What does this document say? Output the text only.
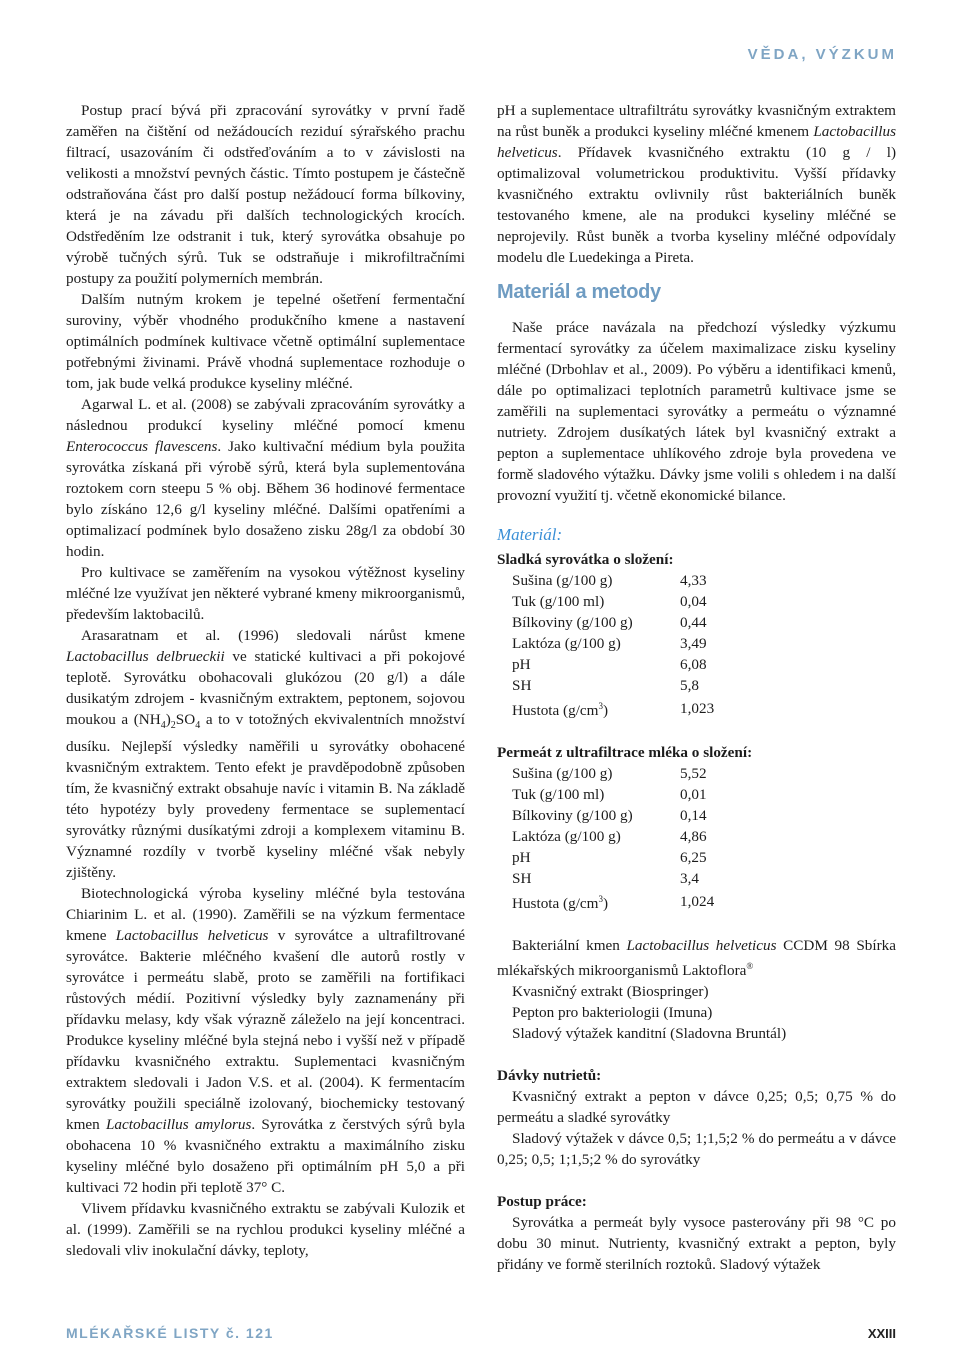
VĚDA, VÝZKUM

Postup prací bývá při zpracování syrovátky v první řadě zaměřen na čištění od nežádoucích reziduí sýrařského prachu filtrací, usazováním či odstřeďováním a to v závislosti na velikosti a množství pevných částic. Tímto postupem je částečně odstraňována část pro další postup nežádoucí forma bílkoviny, která je na závadu při dalších technologických krocích. Odstředěním lze odstranit i tuk, který syrovátka obsahuje po výrobě tučných sýrů. Tuk se odstraňuje i mikrofiltračními postupy za použití polymerních membrán.

Dalším nutným krokem je tepelné ošetření fermentační suroviny, výběr vhodného produkčního kmene a nastavení optimálních podmínek kultivace včetně optimální suplementace potřebnými živinami. Právě vhodná suplementace rozhoduje o tom, jak bude velká produkce kyseliny mléčné.

Agarwal L. et al. (2008) se zabývali zpracováním syrovátky a následnou produkcí kyseliny mléčné pomocí kmenu Enterococcus flavescens. Jako kultivační médium byla použita syrovátka získaná při výrobě sýrů, která byla suplementována roztokem corn steepu 5 % obj. Během 36 hodinové fermentace bylo získáno 12,6 g/l kyseliny mléčné. Dalšími opatřeními a optimalizací podmínek bylo dosaženo zisku 28g/l za období 30 hodin.

Pro kultivace se zaměřením na vysokou výtěžnost kyseliny mléčné lze využívat jen některé vybrané kmeny mikroorganismů, především laktobacilů.

Arasaratnam et al. (1996) sledovali nárůst kmene Lactobacillus delbrueckii ve statické kultivaci a při pokojové teplotě. Syrovátku obohacovali glukózou (20 g/l) a dále dusikatým zdrojem - kvasničným extraktem, peptonem, sojovou moukou a $(NH_4)_2SO_4$ a to v totožných ekvivalentních množství dusíku. Nejlepší výsledky naměřili u syrovátky obohacené kvasničným extraktem. Tento efekt je pravděpodobně způsoben tím, že kvasničný extrakt obsahuje navíc i vitamin B. Na základě této hypotézy byly provedeny fermentace se suplementací syrovátky různými dusíkatými zdroji a komplexem vitaminu B. Významné rozdíly v tvorbě kyseliny mléčné však nebyly zjištěny.

Biotechnologická výroba kyseliny mléčné byla testována Chiarinim L. et al. (1990). Zaměřili se na výzkum fermentace kmene Lactobacillus helveticus v syrovátce a ultrafiltrované syrovátce. Bakterie mléčného kvašení dle autorů rostly v syrovátce i permeátu slabě, proto se zaměřili na fortifikaci růstových médií. Pozitivní výsledky byly zaznamenány při přídavku melasy, kdy však výrazně záleželo na její koncentraci. Produkce kyseliny mléčné byla stejná nebo i vyšší než v případě přídavku kvasničného extraktu. Suplementaci kvasničným extraktem sledovali i Jadon V.S. et al. (2004). K fermentacím syrovátky použili speciálně izolovaný, biochemicky testovaný kmen Lactobacillus amylorus. Syrovátka z čerstvých sýrů byla obohacena 10 % kvasničného extraktu a maximálního zisku kyseliny mléčné bylo dosaženo při optimálním pH 5,0 a při kultivaci 72 hodin při teplotě 37° C.

Vlivem přídavku kvasničného extraktu se zabývali Kulozik et al. (1999). Zaměřili se na rychlou produkci kyseliny mléčné a sledovali vliv inokulační dávky, teploty,

pH a suplementace ultrafiltrátu syrovátky kvasničným extraktem na růst buněk a produkci kyseliny mléčné kmenem Lactobacillus helveticus. Přídavek kvasničného extraktu (10 g / l) optimalizoval volumetrickou produktivitu. Vyšší přídavky kvasničného extraktu ovlivnily růst bakteriálních buněk testovaného kmene, ale na produkci kyseliny mléčné se neprojevily. Růst buněk a tvorba kyseliny mléčné odpovídaly modelu dle Luedekinga a Pireta.

Materiál a metody

Naše práce navázala na předchozí výsledky výzkumu fermentací syrovátky za účelem maximalizace zisku kyseliny mléčné (Drbohlav et al., 2009). Po výběru a identifikaci kmenů, dále po optimalizaci teplotních parametrů kultivace jsme se zaměřili na suplementaci syrovátky a permeátu o významné nutriety. Zdrojem dusíkatých látek byl kvasničný extrakt a pepton a suplementace uhlíkového zdroje byla provedena ve formě sladového výtažku. Dávky jsme volili s ohledem i na další provozní využití tj. včetně ekonomické bilance.

Materiál:

Sladká syrovátka o složení:

Sušina (g/100 g)	4,33
Tuk (g/100 ml)	0,04
Bílkoviny (g/100 g)	0,44
Laktóza (g/100 g)	3,49
pH	6,08
SH	5,8
Hustota $(g/cm^3)$	1,023

Permeát z ultrafiltrace mléka o složení:

Sušina (g/100 g)	5,52
Tuk (g/100 ml)	0,01
Bílkoviny (g/100 g)	0,14
Laktóza (g/100 g)	4,86
pH	6,25
SH	3,4
Hustota $(g/cm^3)$	1,024

Bakteriální kmen Lactobacillus helveticus CCDM 98 Sbírka mlékařských mikroorganismů Laktoflora®

Kvasničný extrakt (Biospringer)

Pepton pro bakteriologii (Imuna)

Sladový výtažek kanditní (Sladovna Bruntál)

Dávky nutrietů:

Kvasničný extrakt a pepton v dávce 0,25; 0,5; 0,75 % do permeátu a sladké syrovátky

Sladový výtažek v dávce 0,5; 1;1,5;2 % do permeátu a v dávce 0,25; 0,5; 1;1,5;2 % do syrovátky

Postup práce:

Syrovátka a permeát byly vysoce pasterovány při 98 °C po dobu 30 minut. Nutrienty, kvasničný extrakt a pepton, byly přidány ve formě sterilních roztoků. Sladový výtažek

MLÉKAŘSKÉ LISTY č. 121	XXIII
